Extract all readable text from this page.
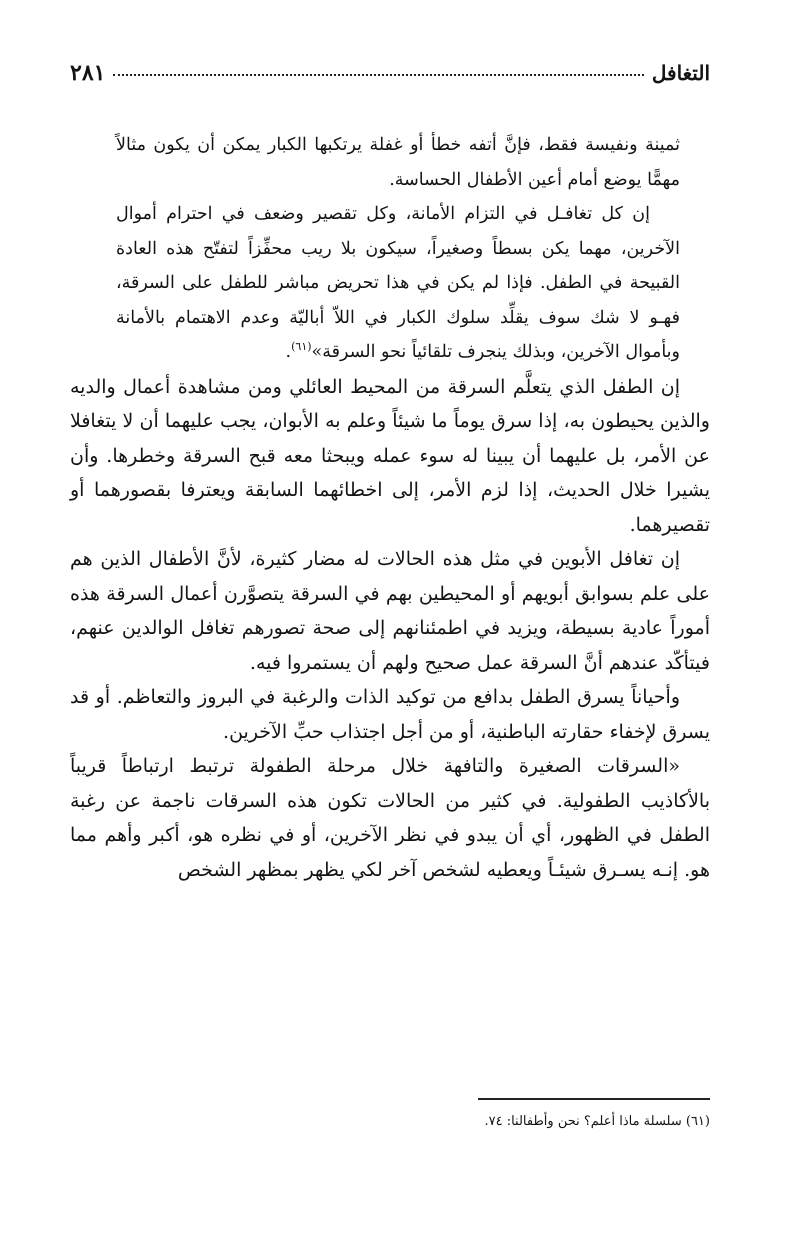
التغافل
٢٨١

ثمينة ونفيسة فقط، فإنَّ أتفه خطأ أو غفلة يرتكبها الكبار يمكن أن يكون مثالاً مهمًّا يوضع أمام أعين الأطفال الحساسة.

إن كل تغافـل في التزام الأمانة، وكل تقصير وضعف في احترام أموال الآخرين، مهما يكن بسطاً وصغيراً، سيكون بلا ريب محفِّزاً لتفتّح هذه العادة القبيحة في الطفل. فإذا لم يكن في هذا تحريض مباشر للطفل على السرقة، فهـو لا شك سوف يقلِّد سلوك الكبار في اللاّ أباليّة وعدم الاهتمام بالأمانة وبأموال الآخرين، وبذلك ينجرف تلقائياً نحو السرقة»$^{(٦١)}$.

إن الطفل الذي يتعلَّم السرقة من المحيط العائلي ومن مشاهدة أعمال والديه والذين يحيطون به، إذا سرق يوماً ما شيئاً وعلم به الأبوان، يجب عليهما أن لا يتغافلا عن الأمر، بل عليهما أن يبينا له سوء عمله ويبحثا معه قبح السرقة وخطرها. وأن يشيرا خلال الحديث، إذا لزم الأمر، إلى اخطائهما السابقة ويعترفا بقصورهما أو تقصيرهما.

إن تغافل الأبوين في مثل هذه الحالات له مضار كثيرة، لأنَّ الأطفال الذين هم على علم بسوابق أبويهم أو المحيطين بهم في السرقة يتصوَّرن أعمال السرقة هذه أموراً عادية بسيطة، ويزيد في اطمئنانهم إلى صحة تصورهم تغافل الوالدين عنهم، فيتأكّد عندهم أنَّ السرقة عمل صحيح ولهم أن يستمروا فيه.

وأحياناً يسرق الطفل بدافع من توكيد الذات والرغبة في البروز والتعاظم. أو قد يسرق لإخفاء حقارته الباطنية، أو من أجل اجتذاب حبِّ الآخرين.

«السرقات الصغيرة والتافهة خلال مرحلة الطفولة ترتبط ارتباطاً قريباً بالأكاذيب الطفولية. في كثير من الحالات تكون هذه السرقات ناجمة عن رغبة الطفل في الظهور، أي أن يبدو في نظر الآخرين، أو في نظره هو، أكبر وأهم مما هو. إنـه يسـرق شيئـاً ويعطيه لشخص آخر لكي يظهر بمظهر الشخص

(٦١) سلسلة ماذا أعلم؟ نحن وأطفالنا: ٧٤.
